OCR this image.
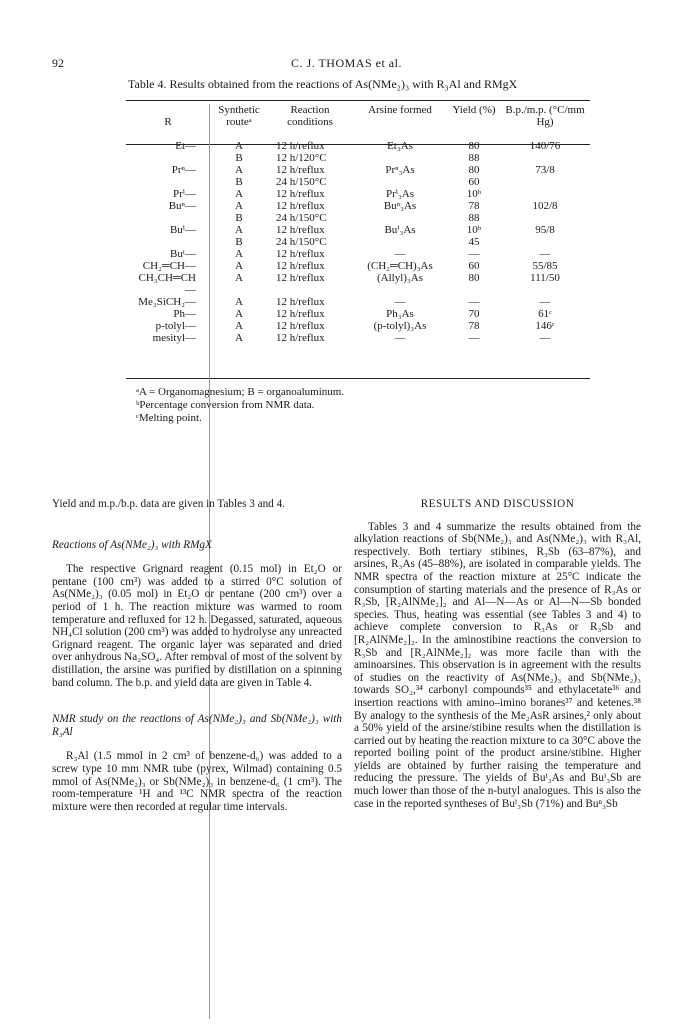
92	C. J. THOMAS et al.
Table 4. Results obtained from the reactions of As(NMe₂)₃ with R₃Al and RMgX
R	Synthetic routeᵃ	Reaction conditions	Arsine formed	Yield (%)	B.p./m.p. (°C/mm Hg)

Et—	A	12 h/reflux	Et₃As	80	140/76
	B	12 h/120°C		88	
Prⁿ—	A	12 h/reflux	Prⁿ₃As	80	73/8
	B	24 h/150°C		60	
Prⁱ—	A	12 h/reflux	Prⁱ₃As	10ᵇ	
Buⁿ—	A	12 h/reflux	Buⁿ₃As	78	102/8
	B	24 h/150°C		88	
Buⁱ—	A	12 h/reflux	Buⁱ₃As	10ᵇ	95/8
	B	24 h/150°C		45	
Buᵗ—	A	12 h/reflux	—	—	—
CH₂═CH—	A	12 h/reflux	(CH₂═CH)₃As	60	55/85
CH₃CH═CH—	A	12 h/reflux	(Allyl)₃As	80	111/50
Me₃SiCH₂—	A	12 h/reflux	—	—	—
Ph—	A	12 h/reflux	Ph₃As	70	61ᶜ
p-tolyl—	A	12 h/reflux	(p-tolyl)₃As	78	146ᶜ
mesityl—	A	12 h/reflux	—	—	—
ᵃA = Organomagnesium; B = organoaluminum.
ᵇPercentage conversion from NMR data.
ᶜMelting point.

Yield and m.p./b.p. data are given in Tables 3 and 4.

Reactions of As(NMe₂)₃ with RMgX

The respective Grignard reagent (0.15 mol) in Et₂O or pentane (100 cm³) was added to a stirred 0°C solution of As(NMe₂)₃ (0.05 mol) in Et₂O or pentane (200 cm³) over a period of 1 h. The reaction mixture was warmed to room temperature and refluxed for 12 h. Degassed, saturated, aqueous NH₄Cl solution (200 cm³) was added to hydrolyse any unreacted Grignard reagent. The organic layer was separated and dried over anhydrous Na₂SO₄. After removal of most of the solvent by distillation, the arsine was purified by distillation on a spinning band column. The b.p. and yield data are given in Table 4.

NMR study on the reactions of As(NMe₂)₃ and Sb(NMe₂)₃ with R₃Al

R₃Al (1.5 mmol in 2 cm³ of benzene-d₆) was added to a screw type 10 mm NMR tube (pyrex, Wilmad) containing 0.5 mmol of As(NMe₂)₃ or Sb(NMe₂)₃ in benzene-d₆ (1 cm³). The room-temperature ¹H and ¹³C NMR spectra of the reaction mixture were then recorded at regular time intervals.

RESULTS AND DISCUSSION

Tables 3 and 4 summarize the results obtained from the alkylation reactions of Sb(NMe₂)₃ and As(NMe₂)₃ with R₃Al, respectively. Both tertiary stibines, R₃Sb (63–87%), and arsines, R₃As (45–88%), are isolated in comparable yields. The NMR spectra of the reaction mixture at 25°C indicate the consumption of starting materials and the presence of R₃As or R₃Sb, [R₂AlNMe₂]₂ and Al—N—As or Al—N—Sb bonded species. Thus, heating was essential (see Tables 3 and 4) to achieve complete conversion to R₃As or R₃Sb and [R₂AlNMe₂]₂. In the aminostibine reactions the conversion to R₃Sb and [R₂AlNMe₂]₂ was more facile than with the aminoarsines. This observation is in agreement with the results of studies on the reactivity of As(NMe₂)₃ and Sb(NMe₂)₃ towards SO₂,³⁴ carbonyl compounds³⁵ and ethylacetate³⁶ and insertion reactions with amino–imino boranes³⁷ and ketenes.³⁸ By analogy to the synthesis of the Me₂AsR arsines,² only about a 50% yield of the arsine/stibine results when the distillation is carried out by heating the reaction mixture to ca 30°C above the reported boiling point of the product arsine/stibine. Higher yields are obtained by further raising the temperature and reducing the pressure. The yields of Buⁱ₃As and Buⁱ₃Sb are much lower than those of the n-butyl analogues. This is also the case in the reported syntheses of Buⁱ₃Sb (71%) and Buⁿ₃Sb
